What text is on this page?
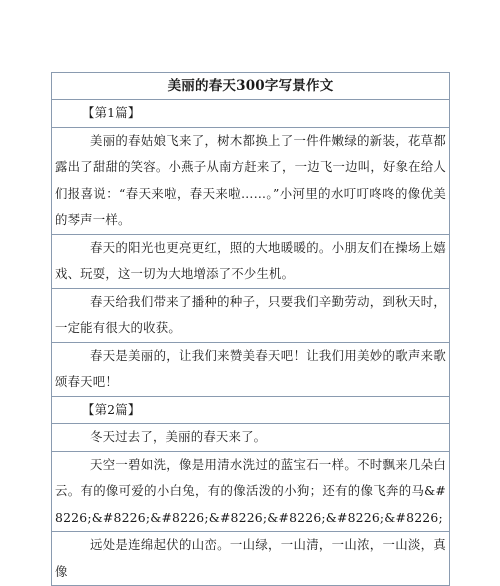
美丽的春天300字写景作文
【第1篇】
美丽的春姑娘飞来了，树木都换上了一件件嫩绿的新装，花草都露出了甜甜的笑容。小燕子从南方赶来了，一边飞一边叫，好象在给人们报喜说：“春天来啦，春天来啦……。”小河里的水叮叮咚咚的像优美的琴声一样。
春天的阳光也更亮更红，照的大地暖暖的。小朋友们在操场上嬉戏、玩耍，这一切为大地增添了不少生机。
春天给我们带来了播种的种子，只要我们辛勤劳动，到秋天时，一定能有很大的收获。
春天是美丽的，让我们来赞美春天吧！让我们用美妙的歌声来歌颂春天吧！
【第2篇】
冬天过去了，美丽的春天来了。
天空一碧如洗，像是用清水洗过的蓝宝石一样。不时飘来几朵白云。有的像可爱的小白兔，有的像活泼的小狗；还有的像飞奔的马&#8226;&#8226;&#8226;&#8226;&#8226;&#8226;&#8226;
远处是连绵起伏的山峦。一山绿，一山清，一山浓，一山淡，真像
